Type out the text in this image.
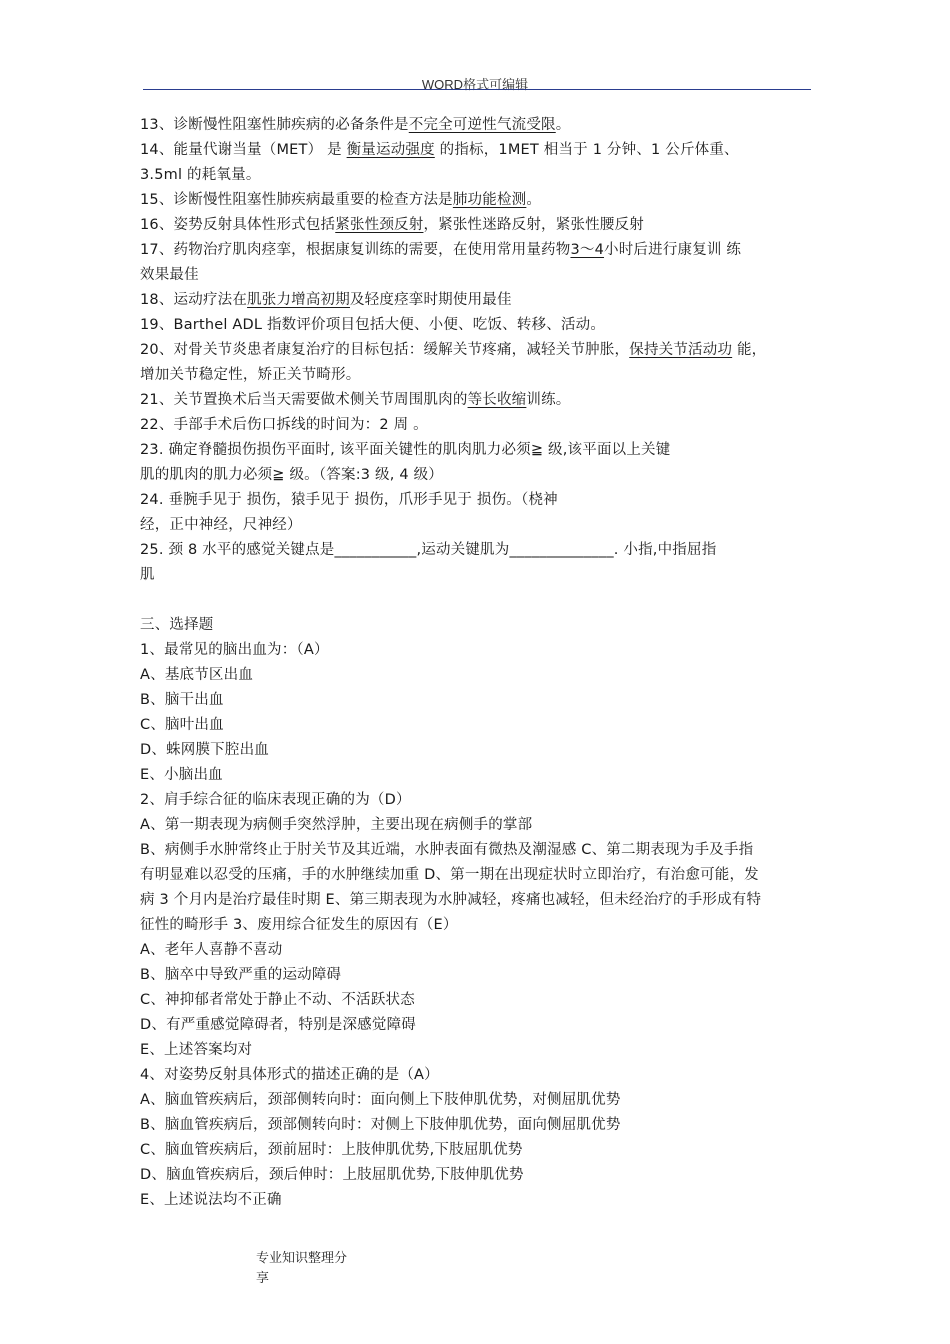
WORD格式可编辑
13、诊断慢性阻塞性肺疾病的必备条件是不完全可逆性气流受限。
14、能量代谢当量（MET） 是 衡量运动强度 的指标，1MET 相当于 1 分钟、1 公斤体重、
3.5ml 的耗氧量。
15、诊断慢性阻塞性肺疾病最重要的检查方法是肺功能检测。
16、姿势反射具体性形式包括紧张性颈反射，紧张性迷路反射，紧张性腰反射
17、药物治疗肌肉痉挛，根据康复训练的需要，在使用常用量药物3～4小时后进行康复训 练
效果最佳
18、运动疗法在肌张力增高初期及轻度痉挛时期使用最佳
19、Barthel ADL 指数评价项目包括大便、小便、吃饭、转移、活动。
20、对骨关节炎患者康复治疗的目标包括：缓解关节疼痛，减轻关节肿胀，保持关节活动功 能，
增加关节稳定性，矫正关节畸形。
21、关节置换术后当天需要做术侧关节周围肌肉的等长收缩训练。
22、手部手术后伤口拆线的时间为：2 周 。
23. 确定脊髓损伤损伤平面时, 该平面关键性的肌肉肌力必须≧ 级,该平面以上关键
肌的肌肉的肌力必须≧ 级。（答案:3 级, 4 级）
24. 垂腕手见于 损伤，猿手见于 损伤，爪形手见于 损伤。（桡神
经，正中神经，尺神经）
25. 颈 8 水平的感觉关键点是___________,运动关键肌为______________. 小指,中指屈指
肌
三、选择题
1、最常见的脑出血为：（A）
A、基底节区出血
B、脑干出血
C、脑叶出血
D、蛛网膜下腔出血
E、小脑出血
2、肩手综合征的临床表现正确的为（D）
A、第一期表现为病侧手突然浮肿，主要出现在病侧手的掌部
B、病侧手水肿常终止于肘关节及其近端，水肿表面有微热及潮湿感 C、第二期表现为手及手指
有明显难以忍受的压痛，手的水肿继续加重 D、第一期在出现症状时立即治疗，有治愈可能，发
病 3 个月内是治疗最佳时期 E、第三期表现为水肿减轻，疼痛也减轻，但未经治疗的手形成有特
征性的畸形手 3、废用综合征发生的原因有（E）
A、老年人喜静不喜动
B、脑卒中导致严重的运动障碍
C、神抑郁者常处于静止不动、不活跃状态
D、有严重感觉障碍者，特别是深感觉障碍
E、上述答案均对
4、对姿势反射具体形式的描述正确的是（A）
A、脑血管疾病后，颈部侧转向时：面向侧上下肢伸肌优势，对侧屈肌优势
B、脑血管疾病后，颈部侧转向时：对侧上下肢伸肌优势，面向侧屈肌优势
C、脑血管疾病后，颈前屈时：上肢伸肌优势,下肢屈肌优势
D、脑血管疾病后，颈后伸时：上肢屈肌优势,下肢伸肌优势
E、上述说法均不正确
专业知识整理分
享
